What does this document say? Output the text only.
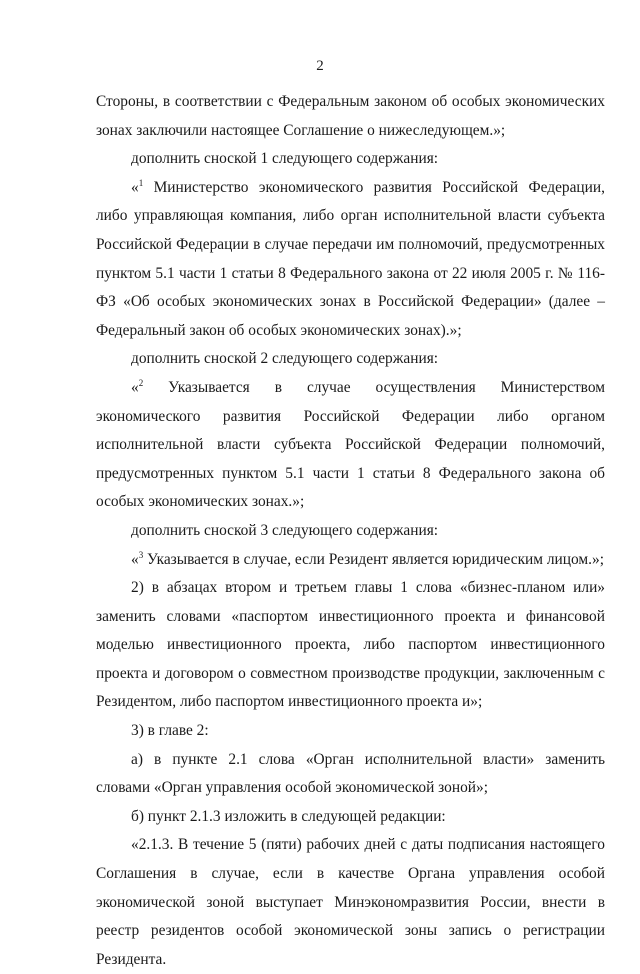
2

Стороны, в соответствии с Федеральным законом об особых экономических зонах заключили настоящее Соглашение о нижеследующем.»;

дополнить сноской 1 следующего содержания:

«$^1$ Министерство экономического развития Российской Федерации, либо управляющая компания, либо орган исполнительной власти субъекта Российской Федерации в случае передачи им полномочий, предусмотренных пунктом 5.1 части 1 статьи 8 Федерального закона от 22 июля 2005 г. № 116-ФЗ «Об особых экономических зонах в Российской Федерации» (далее – Федеральный закон об особых экономических зонах).»;

дополнить сноской 2 следующего содержания:

«$^2$ Указывается в случае осуществления Министерством экономического развития Российской Федерации либо органом исполнительной власти субъекта Российской Федерации полномочий, предусмотренных пунктом 5.1 части 1 статьи 8 Федерального закона об особых экономических зонах.»;

дополнить сноской 3 следующего содержания:

«$^3$ Указывается в случае, если Резидент является юридическим лицом.»;

2) в абзацах втором и третьем главы 1 слова «бизнес-планом или» заменить словами «паспортом инвестиционного проекта и финансовой моделью инвестиционного проекта, либо паспортом инвестиционного проекта и договором о совместном производстве продукции, заключенным с Резидентом, либо паспортом инвестиционного проекта и»;

3) в главе 2:

а) в пункте 2.1 слова «Орган исполнительной власти» заменить словами «Орган управления особой экономической зоной»;

б) пункт 2.1.3 изложить в следующей редакции:

«2.1.3. В течение 5 (пяти) рабочих дней с даты подписания настоящего Соглашения в случае, если в качестве Органа управления особой экономической зоной выступает Минэкономразвития России, внести в реестр резидентов особой экономической зоны запись о регистрации Резидента.
